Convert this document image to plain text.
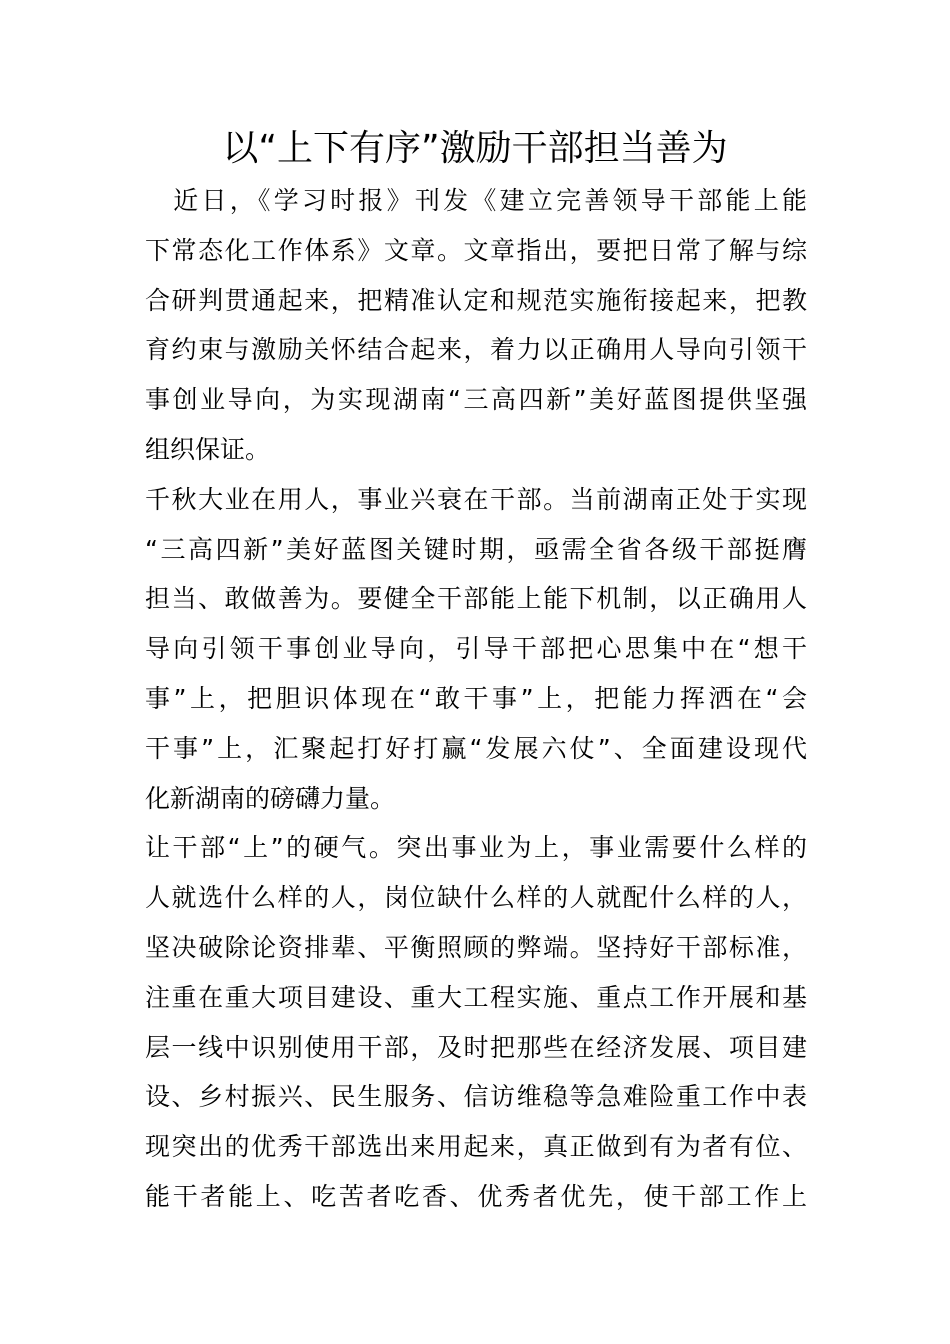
以“上下有序”激励干部担当善为
　近日，《学习时报》刊发《建立完善领导干部能上能
下常态化工作体系》文章。文章指出，要把日常了解与综
合研判贯通起来，把精准认定和规范实施衔接起来，把教
育约束与激励关怀结合起来，着力以正确用人导向引领干
事创业导向，为实现湖南“三高四新”美好蓝图提供坚强
组织保证。
千秋大业在用人，事业兴衰在干部。当前湖南正处于实现
“三高四新”美好蓝图关键时期，亟需全省各级干部挺膺
担当、敢做善为。要健全干部能上能下机制，以正确用人
导向引领干事创业导向，引导干部把心思集中在“想干
事”上，把胆识体现在“敢干事”上，把能力挥洒在“会
干事”上，汇聚起打好打赢“发展六仗”、全面建设现代
化新湖南的磅礴力量。
让干部“上”的硬气。突出事业为上，事业需要什么样的
人就选什么样的人，岗位缺什么样的人就配什么样的人，
坚决破除论资排辈、平衡照顾的弊端。坚持好干部标准，
注重在重大项目建设、重大工程实施、重点工作开展和基
层一线中识别使用干部，及时把那些在经济发展、项目建
设、乡村振兴、民生服务、信访维稳等急难险重工作中表
现突出的优秀干部选出来用起来，真正做到有为者有位、
能干者能上、吃苦者吃香、优秀者优先，使干部工作上
